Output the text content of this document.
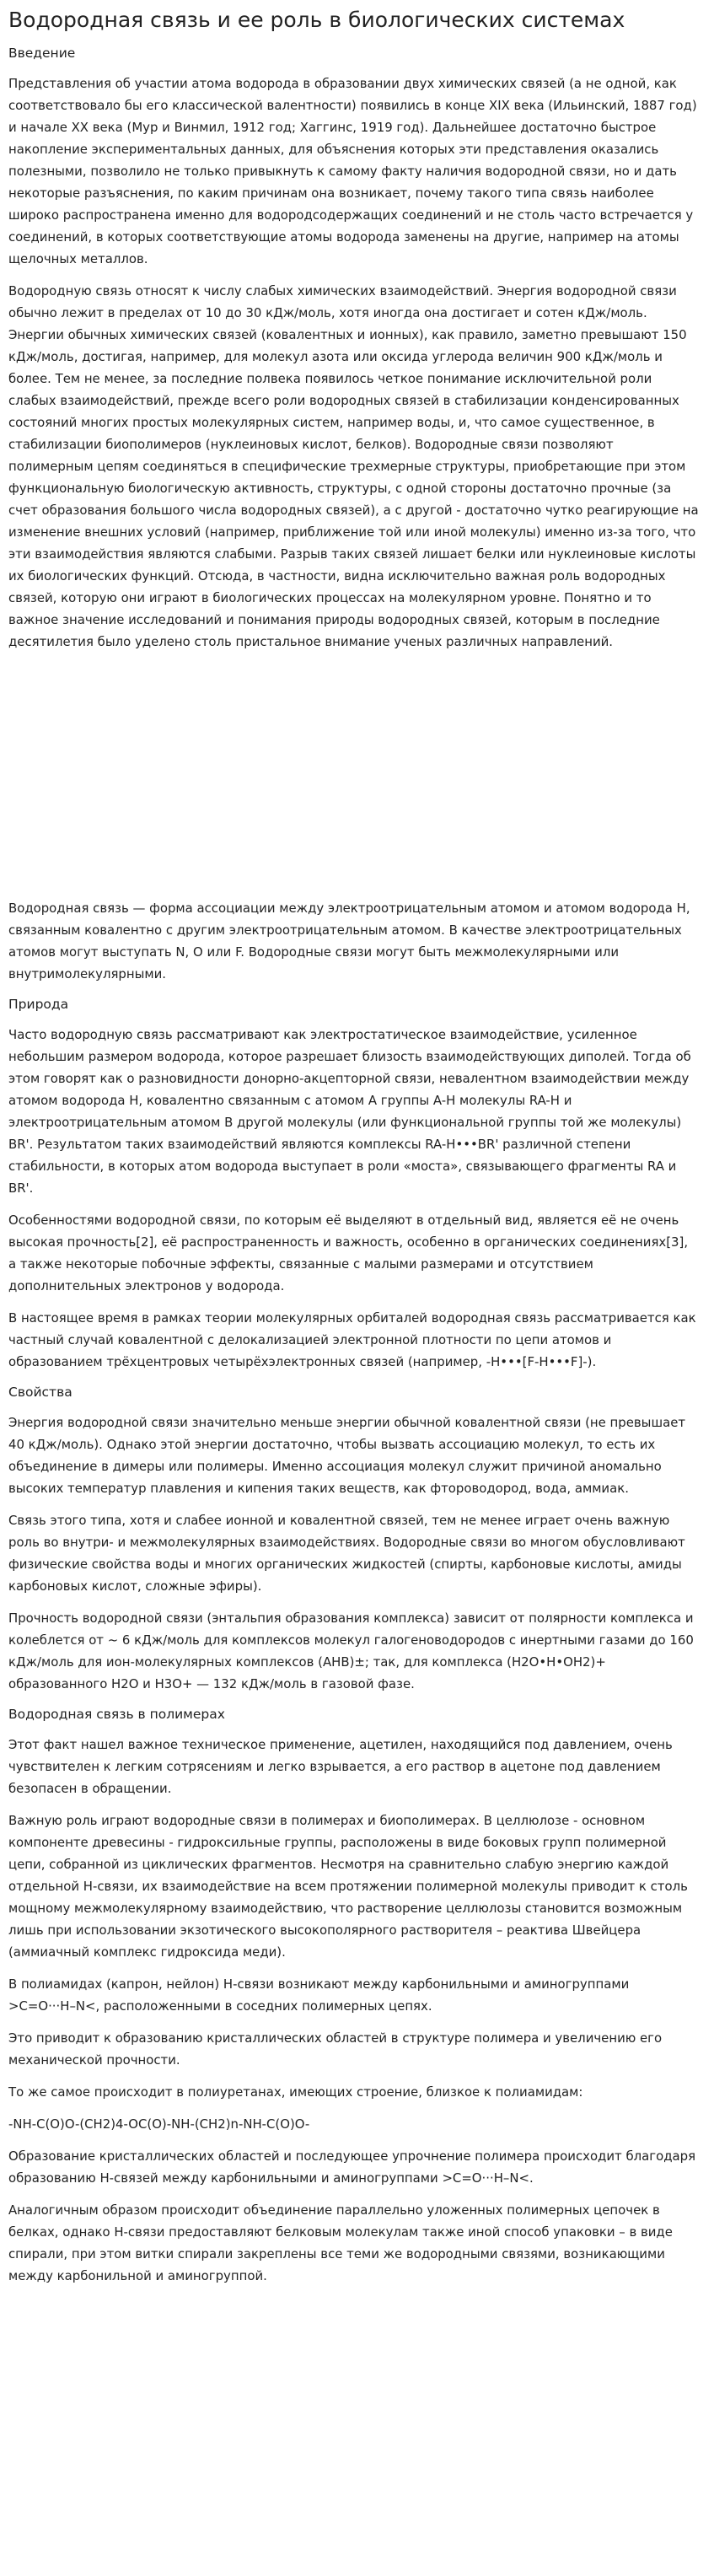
Водородная связь и ее роль в биологических системах
Введение

Представления об участии атома водорода в образовании двух химических связей (а не одной, как соответствовало бы его классической валентности) появились в конце XIX века (Ильинский, 1887 год) и начале XX века (Мур и Винмил, 1912 год; Хаггинс, 1919 год). Дальнейшее достаточно быстрое накопление экспериментальных данных, для объяснения которых эти представления оказались полезными, позволило не только привыкнуть к самому факту наличия водородной связи, но и дать некоторые разъяснения, по каким причинам она возникает, почему такого типа связь наиболее широко распространена именно для водородсодержащих соединений и не столь часто встречается у соединений, в которых соответствующие атомы водорода заменены на другие, например на атомы щелочных металлов.

Водородную связь относят к числу слабых химических взаимодействий. Энергия водородной связи обычно лежит в пределах от 10 до 30 кДж/моль, хотя иногда она достигает и сотен кДж/моль. Энергии обычных химических связей (ковалентных и ионных), как правило, заметно превышают 150 кДж/моль, достигая, например, для молекул азота или оксида углерода величин 900 кДж/моль и более. Тем не менее, за последние полвека появилось четкое понимание исключительной роли слабых взаимодействий, прежде всего роли водородных связей в стабилизации конденсированных состояний многих простых молекулярных систем, например воды, и, что самое существенное, в стабилизации биополимеров (нуклеиновых кислот, белков). Водородные связи позволяют полимерным цепям соединяться в специфические трехмерные структуры, приобретающие при этом функциональную биологическую активность, структуры, с одной стороны достаточно прочные (за счет образования большого числа водородных связей), а с другой - достаточно чутко реагирующие на изменение внешних условий (например, приближение той или иной молекулы) именно из-за того, что эти взаимодействия являются слабыми. Разрыв таких связей лишает белки или нуклеиновые кислоты их биологических функций. Отсюда, в частности, видна исключительно важная роль водородных связей, которую они играют в биологических процессах на молекулярном уровне. Понятно и то важное значение исследований и понимания природы водородных связей, которым в последние десятилетия было уделено столь пристальное внимание ученых различных направлений.

Водородная связь — форма ассоциации между электроотрицательным атомом и атомом водорода H, связанным ковалентно с другим электроотрицательным атомом. В качестве электроотрицательных атомов могут выступать N, O или F. Водородные связи могут быть межмолекулярными или внутримолекулярными.

Природа

Часто водородную связь рассматривают как электростатическое взаимодействие, усиленное небольшим размером водорода, которое разрешает близость взаимодействующих диполей. Тогда об этом говорят как о разновидности донорно-акцепторной связи, невалентном взаимодействии между атомом водорода H, ковалентно связанным с атомом A группы A-H молекулы RA-H и электроотрицательным атомом B другой молекулы (или функциональной группы той же молекулы) BR'. Результатом таких взаимодействий являются комплексы RA-H•••BR' различной степени стабильности, в которых атом водорода выступает в роли «моста», связывающего фрагменты RA и BR'.

Особенностями водородной связи, по которым её выделяют в отдельный вид, является её не очень высокая прочность[2], её распространенность и важность, особенно в органических соединениях[3], а также некоторые побочные эффекты, связанные с малыми размерами и отсутствием дополнительных электронов у водорода.

В настоящее время в рамках теории молекулярных орбиталей водородная связь рассматривается как частный случай ковалентной с делокализацией электронной плотности по цепи атомов и образованием трёхцентровых четырёхэлектронных связей (например, -H•••[F-H•••F]-).

Свойства

Энергия водородной связи значительно меньше энергии обычной ковалентной связи (не превышает 40 кДж/моль). Однако этой энергии достаточно, чтобы вызвать ассоциацию молекул, то есть их объединение в димеры или полимеры. Именно ассоциация молекул служит причиной аномально высоких температур плавления и кипения таких веществ, как фтороводород, вода, аммиак.

Связь этого типа, хотя и слабее ионной и ковалентной связей, тем не менее играет очень важную роль во внутри- и межмолекулярных взаимодействиях. Водородные связи во многом обусловливают физические свойства воды и многих органических жидкостей (спирты, карбоновые кислоты, амиды карбоновых кислот, сложные эфиры).

Прочность водородной связи (энтальпия образования комплекса) зависит от полярности комплекса и колеблется от ~ 6 кДж/моль для комплексов молекул галогеноводородов с инертными газами до 160 кДж/моль для ион-молекулярных комплексов (AHB)±; так, для комплекса (H2O•H•OH2)+ образованного H2O и H3O+ — 132 кДж/моль в газовой фазе.

Водородная связь в полимерах

Этот факт нашел важное техническое применение, ацетилен, находящийся под давлением, очень чувствителен к легким сотрясениям и легко взрывается, а его раствор в ацетоне под давлением безопасен в обращении.

Важную роль играют водородные связи в полимерах и биополимерах. В целлюлозе - основном компоненте древесины - гидроксильные группы, расположены в виде боковых групп полимерной цепи, собранной из циклических фрагментов. Несмотря на сравнительно слабую энергию каждой отдельной H-связи, их взаимодействие на всем протяжении полимерной молекулы приводит к столь мощному межмолекулярному взаимодействию, что растворение целлюлозы становится возможным лишь при использовании экзотического высокополярного растворителя – реактива Швейцера (аммиачный комплекс гидроксида меди).

В полиамидах (капрон, нейлон) H-связи возникают между карбонильными и аминогруппами >C=O···H–N<, расположенными в соседних полимерных цепях.

Это приводит к образованию кристаллических областей в структуре полимера и увеличению его механической прочности.

То же самое происходит в полиуретанах, имеющих строение, близкое к полиамидам:

-NH-C(O)O-(CH2)4-OC(O)-NH-(CH2)n-NH-C(O)O-

Образование кристаллических областей и последующее упрочнение полимера происходит благодаря образованию H-связей между карбонильными и аминогруппами >C=O···H–N<.

Аналогичным образом происходит объединение параллельно уложенных полимерных цепочек в белках, однако H-связи предоставляют белковым молекулам также иной способ упаковки – в виде спирали, при этом витки спирали закреплены все теми же водородными связями, возникающими между карбонильной и аминогруппой.
